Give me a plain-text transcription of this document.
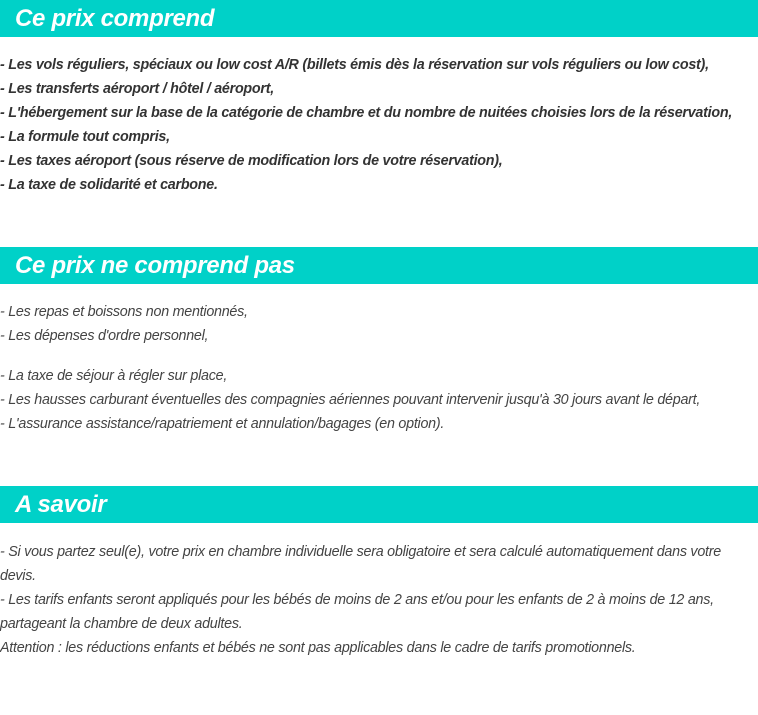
Ce prix comprend
- Les vols réguliers, spéciaux ou low cost A/R (billets émis dès la réservation sur vols réguliers ou low cost),
- Les transferts aéroport / hôtel / aéroport,
- L'hébergement sur la base de la catégorie de chambre et du nombre de nuitées choisies lors de la réservation,
- La formule tout compris,
- Les taxes aéroport (sous réserve de modification lors de votre réservation),
- La taxe de solidarité et carbone.
Ce prix ne comprend pas
- Les repas et boissons non mentionnés,
- Les dépenses d'ordre personnel,
- La taxe de séjour à régler sur place,
- Les hausses carburant éventuelles des compagnies aériennes pouvant intervenir jusqu'à 30 jours avant le départ,
- L'assurance assistance/rapatriement et annulation/bagages (en option).
A savoir
- Si vous partez seul(e), votre prix en chambre individuelle sera obligatoire et sera calculé automatiquement dans votre devis.
- Les tarifs enfants seront appliqués pour les bébés de moins de 2 ans et/ou pour les enfants de 2 à moins de 12 ans, partageant la chambre de deux adultes.
Attention : les réductions enfants et bébés ne sont pas applicables dans le cadre de tarifs promotionnels.
